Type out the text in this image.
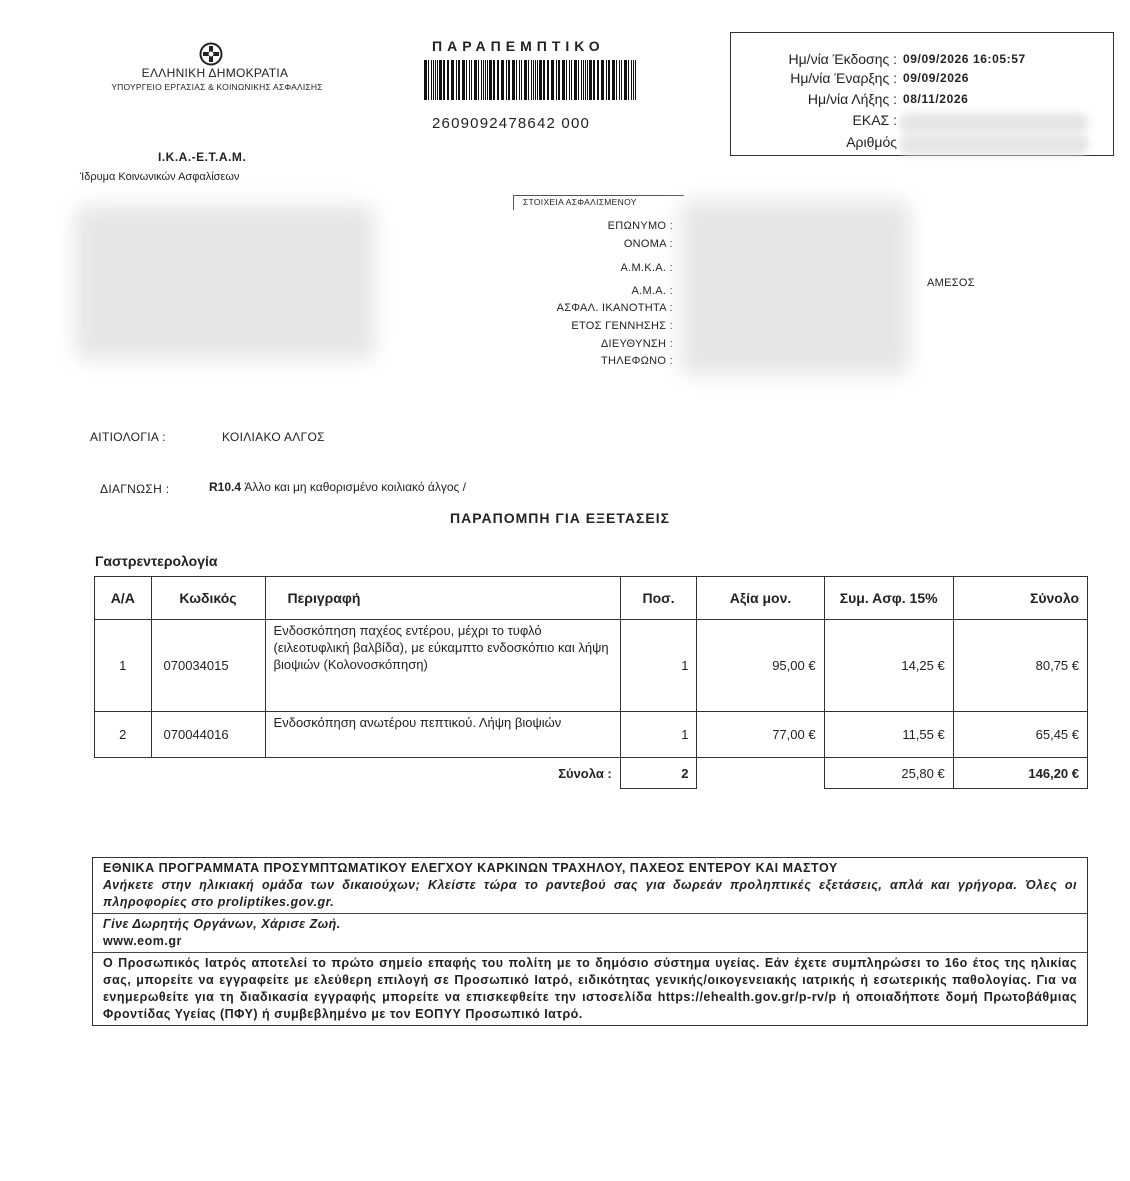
ΕΛΛΗΝΙΚΗ ΔΗΜΟΚΡΑΤΙΑ
ΥΠΟΥΡΓΕΙΟ ΕΡΓΑΣΙΑΣ & ΚΟΙΝΩΝΙΚΗΣ ΑΣΦΑΛΙΣΗΣ
Ι.Κ.Α.-Ε.Τ.Α.Μ.
Ίδρυμα Κοινωνικών Ασφαλίσεων
ΠΑΡΑΠΕΜΠΤΙΚΟ
2609092478642 000
Ημ/νία Έκδοσης : 09/09/2026 16:05:57
Ημ/νία Έναρξης : 09/09/2026
Ημ/νία Λήξης : 08/11/2026
ΕΚΑΣ :
Αριθμός
ΣΤΟΙΧΕΙΑ ΑΣΦΑΛΙΣΜΕΝΟΥ
ΕΠΩΝΥΜΟ :
ΟΝΟΜΑ :
Α.Μ.Κ.Α. :
Α.Μ.Α. :
ΑΣΦΑΛ. ΙΚΑΝΟΤΗΤΑ :
ΕΤΟΣ ΓΕΝΝΗΣΗΣ :
ΔΙΕΥΘΥΝΣΗ :
ΤΗΛΕΦΩΝΟ :
ΑΜΕΣΟΣ
ΑΙΤΙΟΛΟΓΙΑ :	ΚΟΙΛΙΑΚΟ ΑΛΓΟΣ
ΔΙΑΓΝΩΣΗ :	R10.4 Άλλο και μη καθορισμένο κοιλιακό άλγος /
ΠΑΡΑΠΟΜΠΗ ΓΙΑ ΕΞΕΤΑΣΕΙΣ
Γαστρεντερολογία
Α/Α	Κωδικός	Περιγραφή	Ποσ.	Αξία μον.	Συμ. Ασφ. 15%	Σύνολο
1	070034015	Ενδοσκόπηση παχέος εντέρου, μέχρι το τυφλό (ειλεοτυφλική βαλβίδα), με εύκαμπτο ενδοσκόπιο και λήψη βιοψιών (Κολονοσκόπηση)	1	95,00 €	14,25 €	80,75 €
2	070044016	Ενδοσκόπηση ανωτέρου πεπτικού. Λήψη βιοψιών	1	77,00 €	11,55 €	65,45 €
		Σύνολα :	2		25,80 €	146,20 €
ΕΘΝΙΚΑ ΠΡΟΓΡΑΜΜΑΤΑ ΠΡΟΣΥΜΠΤΩΜΑΤΙΚΟΥ ΕΛΕΓΧΟΥ ΚΑΡΚΙΝΩΝ ΤΡΑΧΗΛΟΥ, ΠΑΧΕΟΣ ΕΝΤΕΡΟΥ ΚΑΙ ΜΑΣΤΟΥ
Ανήκετε στην ηλικιακή ομάδα των δικαιούχων; Κλείστε τώρα το ραντεβού σας για δωρεάν προληπτικές εξετάσεις, απλά και γρήγορα. Όλες οι πληροφορίες στο proliptikes.gov.gr.
Γίνε Δωρητής Οργάνων, Χάρισε Ζωή.
www.eom.gr
Ο Προσωπικός Ιατρός αποτελεί το πρώτο σημείο επαφής του πολίτη με το δημόσιο σύστημα υγείας. Εάν έχετε συμπληρώσει το 16ο έτος της ηλικίας σας, μπορείτε να εγγραφείτε με ελεύθερη επιλογή σε Προσωπικό Ιατρό, ειδικότητας γενικής/οικογενειακής ιατρικής ή εσωτερικής παθολογίας. Για να ενημερωθείτε για τη διαδικασία εγγραφής μπορείτε να επισκεφθείτε την ιστοσελίδα https://ehealth.gov.gr/p-rv/p ή οποιαδήποτε δομή Πρωτοβάθμιας Φροντίδας Υγείας (ΠΦΥ) ή συμβεβλημένο με τον ΕΟΠΥΥ Προσωπικό Ιατρό.
